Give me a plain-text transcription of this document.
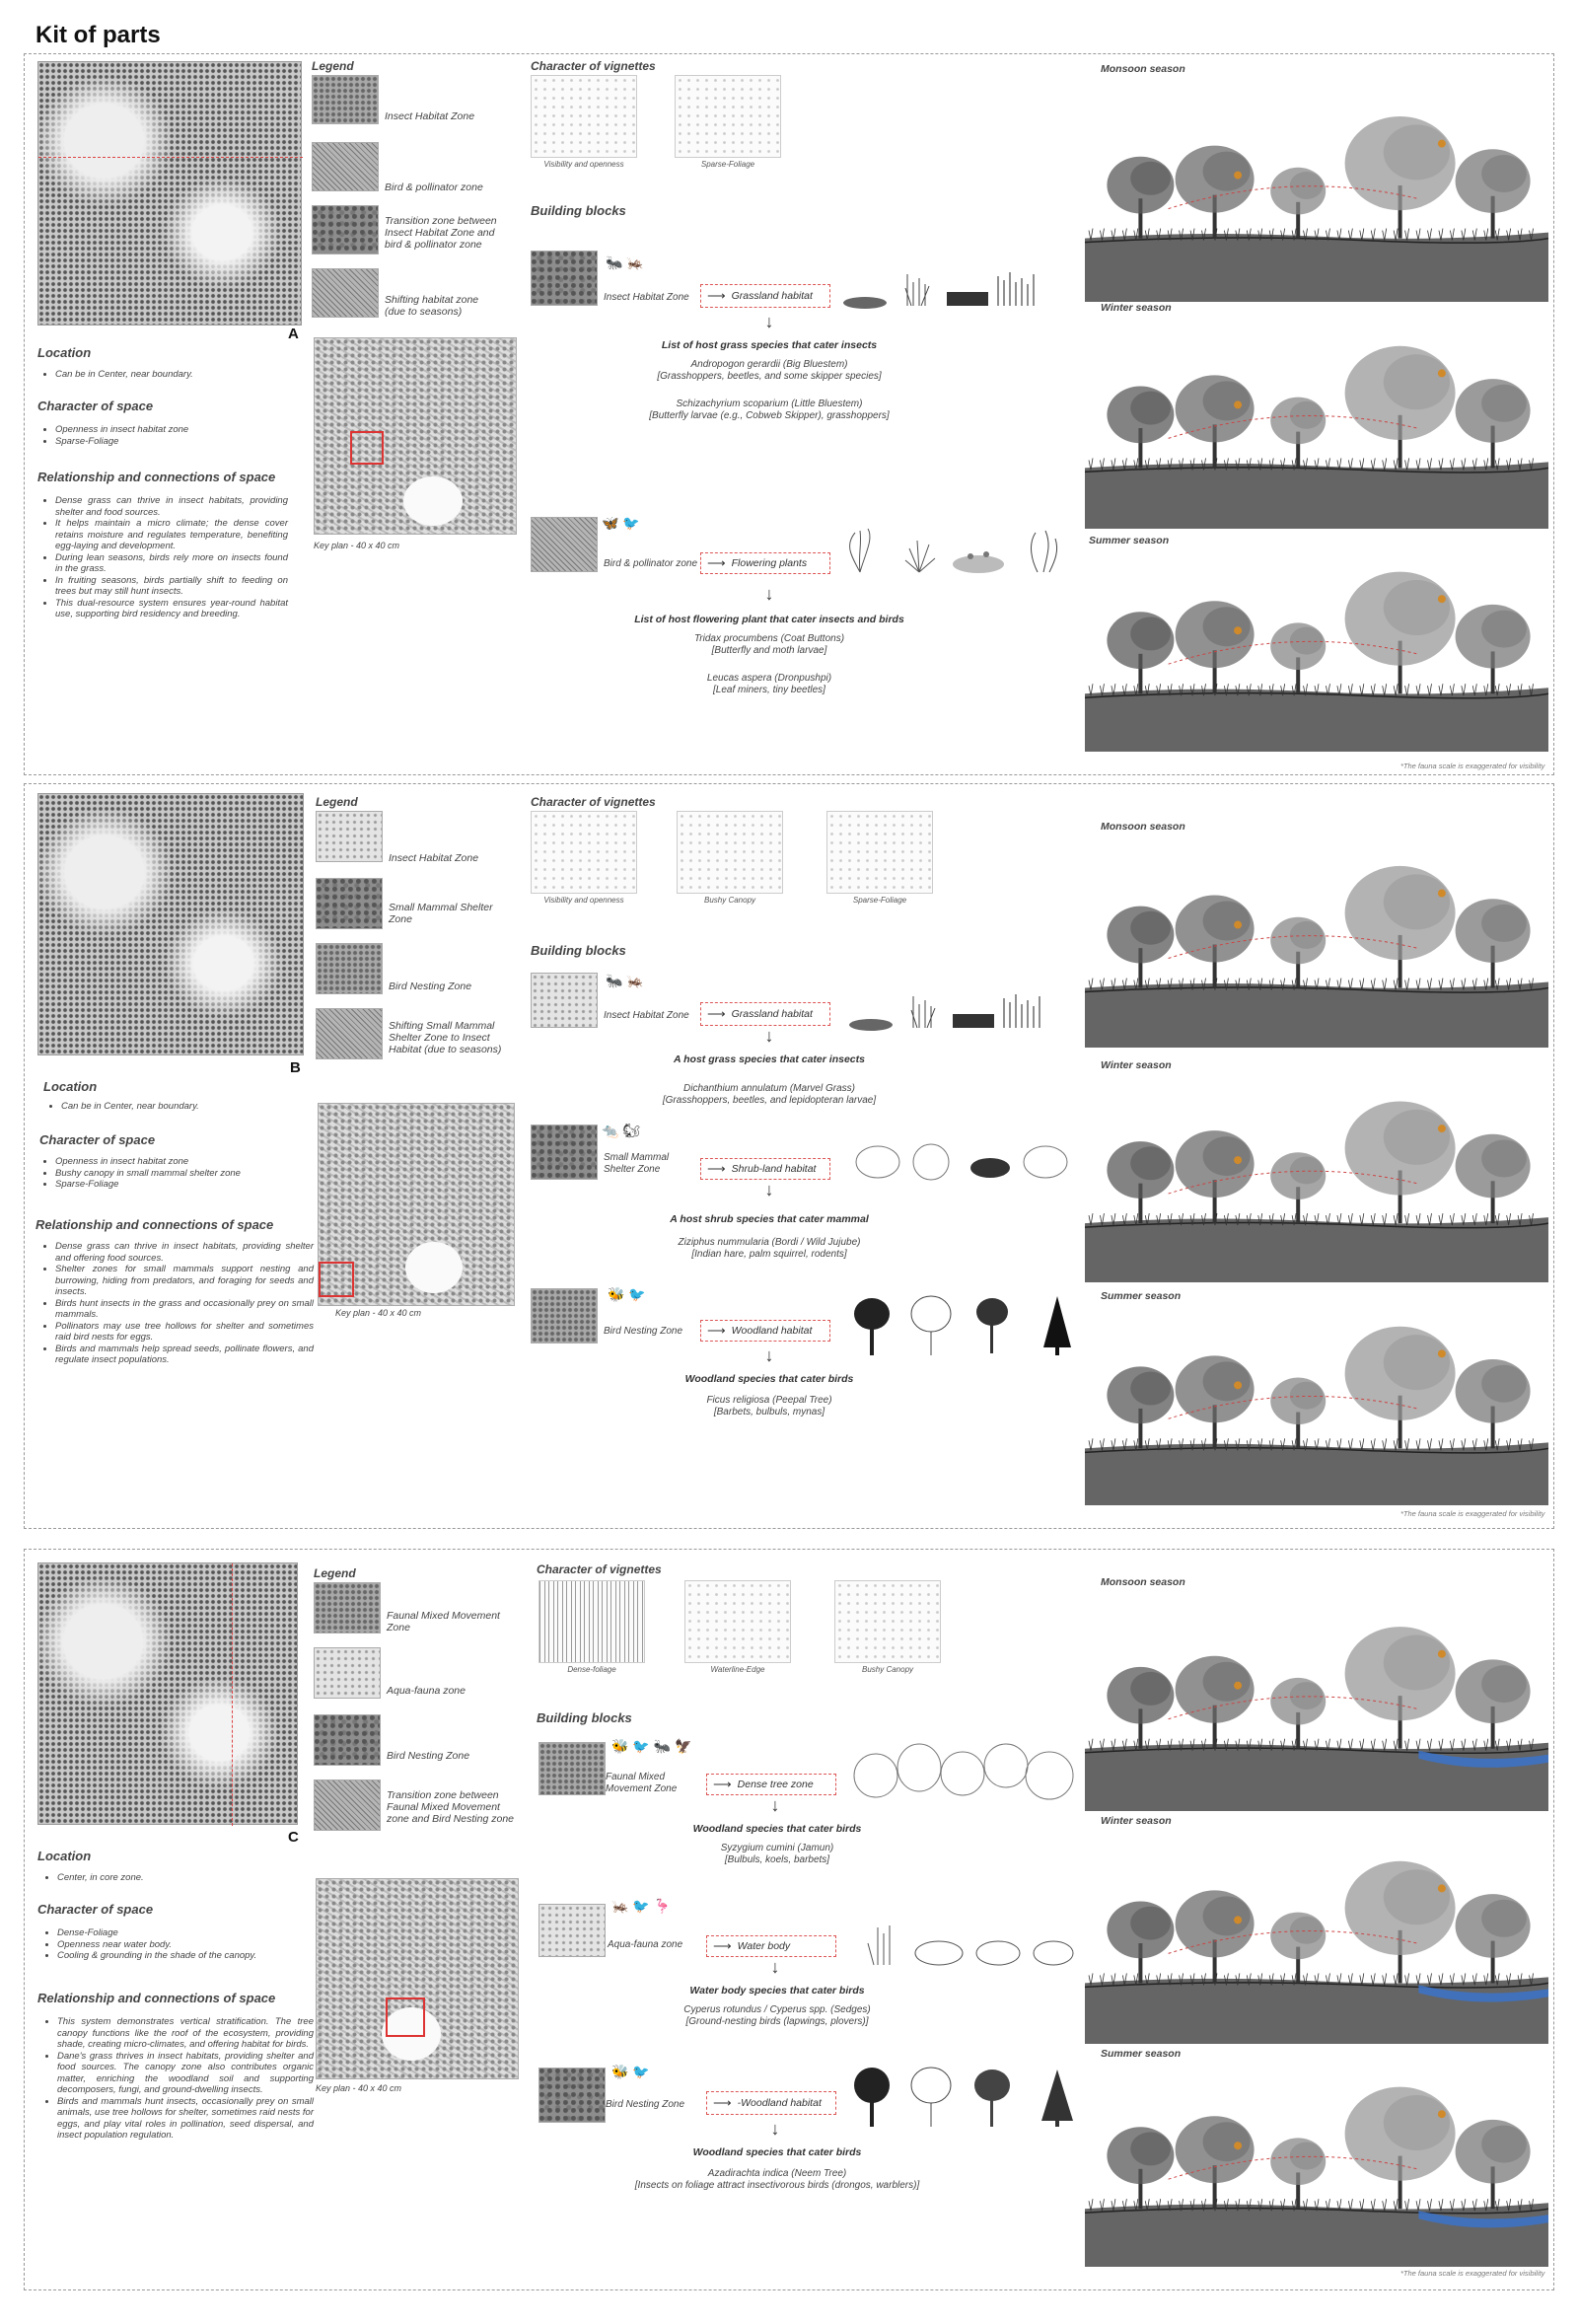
Kit of parts
A
Location
• Can be in Center, near boundary.
Character of space
• Openness in insect habitat zone
• Sparse-Foliage
Relationship and connections of space
• Dense grass can thrive in insect habitats, providing shelter and food sources.
• It helps maintain a micro climate; the dense cover retains moisture and regulates temperature, benefiting egg-laying and development.
• During lean seasons, birds rely more on insects found in the grass.
• In fruiting seasons, birds partially shift to feeding on trees but may still hunt insects.
• This dual-resource system ensures year-round habitat use, supporting bird residency and breeding.
Legend
Insect Habitat Zone
Bird & pollinator zone
Transition zone between Insect Habitat Zone and bird & pollinator zone
Shifting habitat zone (due to seasons)
Key plan - 40 x 40 cm
Character of vignettes
Visibility and openness	Sparse-Foliage
Building blocks
🐜 🦗
Insect Habitat Zone ⟶ Grassland habitat
↓
List of host grass species that cater insects
Andropogon gerardii (Big Bluestem)
[Grasshoppers, beetles, and some skipper species]
Schizachyrium scoparium (Little Bluestem)
[Butterfly larvae (e.g., Cobweb Skipper), grasshoppers]
🦋 🐦
Bird & pollinator zone ⟶ Flowering plants
↓
List of host flowering plant that cater insects and birds
Tridax procumbens (Coat Buttons)
[Butterfly and moth larvae]
Leucas aspera (Dronpushpi)
[Leaf miners, tiny beetles]
Monsoon season
Winter season
Summer season
*The fauna scale is exaggerated for visibility
B
Location
• Can be in Center, near boundary.
Character of space
• Openness in insect habitat zone
• Bushy canopy in small mammal shelter zone
• Sparse-Foliage
Relationship and connections of space
• Dense grass can thrive in insect habitats, providing shelter and offering food sources.
• Shelter zones for small mammals support nesting and burrowing, hiding from predators, and foraging for seeds and insects.
• Birds hunt insects in the grass and occasionally prey on small mammals.
• Pollinators may use tree hollows for shelter and sometimes raid bird nests for eggs.
• Birds and mammals help spread seeds, pollinate flowers, and regulate insect populations.
Legend
Insect Habitat Zone
Small Mammal Shelter Zone
Bird Nesting Zone
Shifting Small Mammal Shelter Zone to Insect Habitat (due to seasons)
Key plan - 40 x 40 cm
Character of vignettes
Visibility and openness	Bushy Canopy	Sparse-Foliage
Building blocks
🐜 🦗
Insect Habitat Zone ⟶ Grassland habitat
↓
A host grass species that cater insects
Dichanthium annulatum (Marvel Grass)
[Grasshoppers, beetles, and lepidopteran larvae]
🐀 🐿
Small Mammal Shelter Zone	⟶ Shrub-land habitat
↓
A host shrub species that cater mammal
Ziziphus nummularia (Bordi / Wild Jujube)
[Indian hare, palm squirrel, rodents]
🐝 🐦
Bird Nesting Zone ⟶ Woodland habitat
↓
Woodland species that cater birds
Ficus religiosa (Peepal Tree)
[Barbets, bulbuls, mynas]
Monsoon season
Winter season
Summer season
*The fauna scale is exaggerated for visibility
C
Location
• Center, in core zone.
Character of space
• Dense-Foliage
• Openness near water body.
• Cooling & grounding in the shade of the canopy.
Relationship and connections of space
• This system demonstrates vertical stratification. The tree canopy functions like the roof of the ecosystem, providing shade, creating micro-climates, and offering habitat for birds.
• Dane's grass thrives in insect habitats, providing shelter and food sources. The canopy zone also contributes organic matter, enriching the woodland soil and supporting decomposers, fungi, and ground-dwelling insects.
• Birds and mammals hunt insects, occasionally prey on small animals, use tree hollows for shelter, sometimes raid nests for eggs, and play vital roles in pollination, seed dispersal, and insect population regulation.
Legend
Faunal Mixed Movement Zone
Aqua-fauna zone
Bird Nesting Zone
Transition zone between Faunal Mixed Movement zone and Bird Nesting zone
Key plan - 40 x 40 cm
Character of vignettes
Dense-foliage	Waterline-Edge	Bushy Canopy
Building blocks
🐝 🐦 🐜 🦅
Faunal Mixed Movement Zone	⟶ Dense tree zone
↓
Woodland species that cater birds
Syzygium cumini (Jamun)
[Bulbuls, koels, barbets]
🦗 🐦 🦩
Aqua-fauna zone ⟶ Water body
↓
Water body species that cater birds
Cyperus rotundus / Cyperus spp. (Sedges)
[Ground-nesting birds (lapwings, plovers)]
🐝 🐦
Bird Nesting Zone ⟶ -Woodland habitat
↓
Woodland species that cater birds
Azadirachta indica (Neem Tree)
[Insects on foliage attract insectivorous birds (drongos, warblers)]
Monsoon season
Winter season
Summer season
*The fauna scale is exaggerated for visibility
